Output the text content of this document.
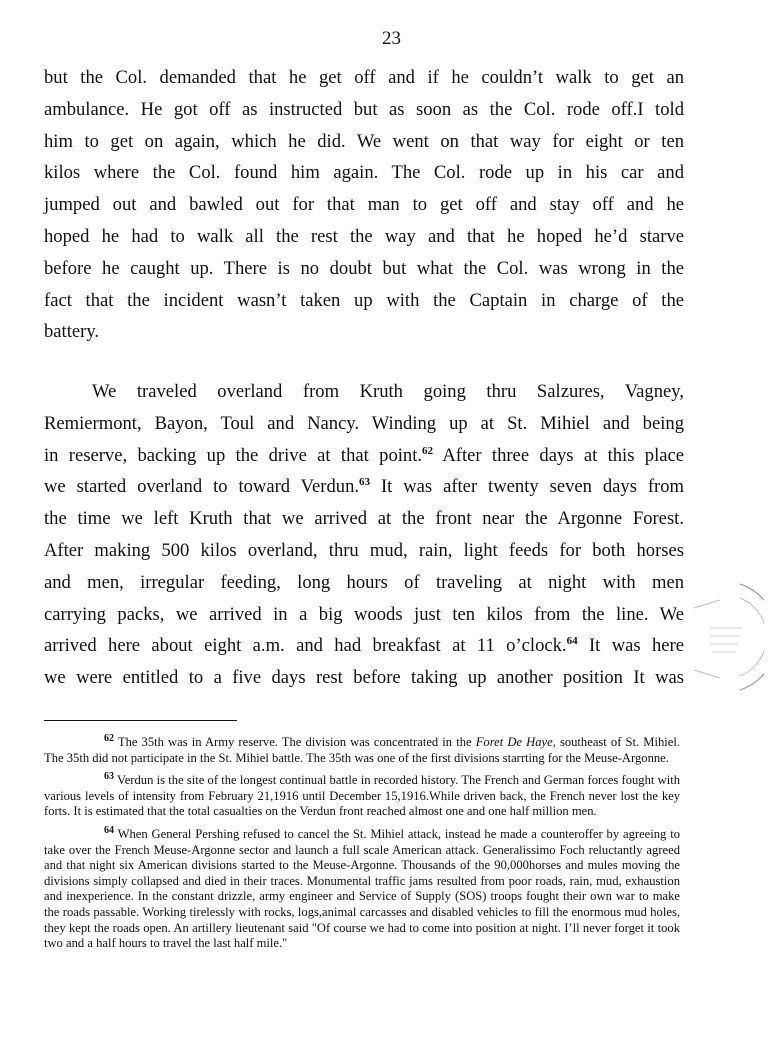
23
but the Col. demanded that he get off and if he couldn’t walk to get an
ambulance. He got off as instructed but as soon as the Col. rode off.I told
him to get on again, which he did. We went on that way for eight or ten
kilos where the Col. found him again. The Col. rode up in his car and
jumped out and bawled out for that man to get off and stay off and he
hoped he had to walk all the rest the way and that he hoped he’d starve
before he caught up. There is no doubt but what the Col. was wrong in the
fact that the incident wasn’t taken up with the Captain in charge of the
battery.
We traveled overland from Kruth going thru Salzures, Vagney,
Remiermont, Bayon, Toul and Nancy. Winding up at St. Mihiel and being
in reserve, backing up the drive at that point.$^{62}$ After three days at this place
we started overland to toward Verdun.$^{63}$ It was after twenty seven days from
the time we left Kruth that we arrived at the front near the Argonne Forest.
After making 500 kilos overland, thru mud, rain, light feeds for both horses
and men, irregular feeding, long hours of traveling at night with men
carrying packs, we arrived in a big woods just ten kilos from the line. We
arrived here about eight a.m. and had breakfast at 11 o’clock.$^{64}$ It was here
we were entitled to a five days rest before taking up another position It was

$^{62}$ The 35th was in Army reserve. The division was concentrated in the Foret De Haye, southeast of St. Mihiel. The 35th did not participate in the St. Mihiel battle. The 35th was one of the first divisions starrting for the Meuse-Argonne.

$^{63}$ Verdun is the site of the longest continual battle in recorded history. The French and German forces fought with various levels of intensity from February 21,1916 until December 15,1916.While driven back, the French never lost the key forts. It is estimated that the total casualties on the Verdun front reached almost one and one half million men.

$^{64}$ When General Pershing refused to cancel the St. Mihiel attack, instead he made a counteroffer by agreeing to take over the French Meuse-Argonne sector and launch a full scale American attack. Generalissimo Foch reluctantly agreed and that night six American divisions started to the Meuse-Argonne. Thousands of the 90,000horses and mules moving the divisions simply collapsed and died in their traces. Monumental traffic jams resulted from poor roads, rain, mud, exhaustion and inexperience. In the constant drizzle, army engineer and Service of Supply (SOS) troops fought their own war to make the roads passable. Working tirelessly with rocks, logs,animal carcasses and disabled vehicles to fill the enormous mud holes, they kept the roads open. An artillery lieutenant said "Of course we had to come into position at night. I’ll never forget it took two and a half hours to travel the last half mile."
